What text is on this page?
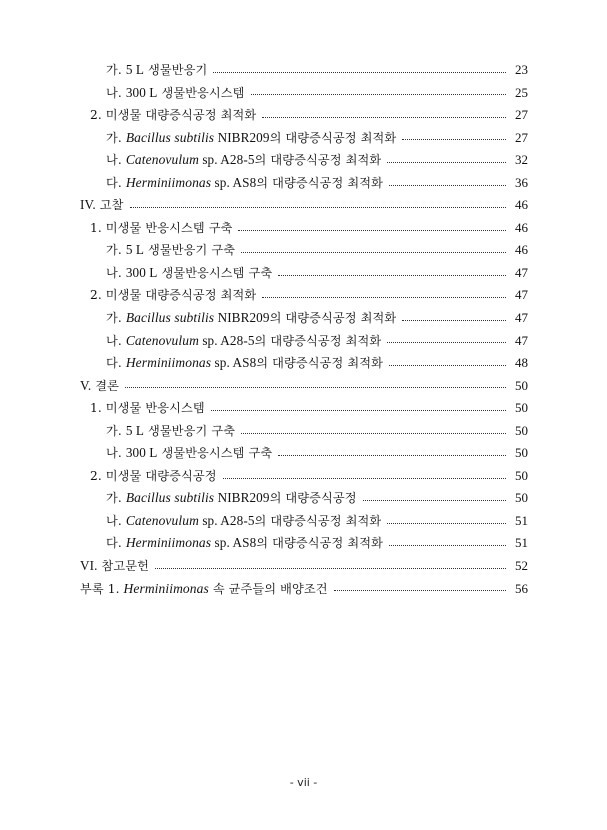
가. 5 L 생물반응기	23
나. 300 L 생물반응시스템	25
2. 미생물 대량증식공정 최적화	27
가. Bacillus subtilis NIBR209의 대량증식공정 최적화	27
나. Catenovulum sp. A28-5의 대량증식공정 최적화	32
다. Herminiimonas sp. AS8의 대량증식공정 최적화	36
IV. 고찰	46
1. 미생물 반응시스템 구축	46
가. 5 L 생물반응기 구축	46
나. 300 L 생물반응시스템 구축	47
2. 미생물 대량증식공정 최적화	47
가. Bacillus subtilis NIBR209의 대량증식공정 최적화	47
나. Catenovulum sp. A28-5의 대량증식공정 최적화	47
다. Herminiimonas sp. AS8의 대량증식공정 최적화	48
V. 결론	50
1. 미생물 반응시스템	50
가. 5 L 생물반응기 구축	50
나. 300 L 생물반응시스템 구축	50
2. 미생물 대량증식공정	50
가. Bacillus subtilis NIBR209의 대량증식공정	50
나. Catenovulum sp. A28-5의 대량증식공정 최적화	51
다. Herminiimonas sp. AS8의 대량증식공정 최적화	51
VI. 참고문헌	52
부록 1. Herminiimonas 속 균주들의 배양조건	56
- vii -
